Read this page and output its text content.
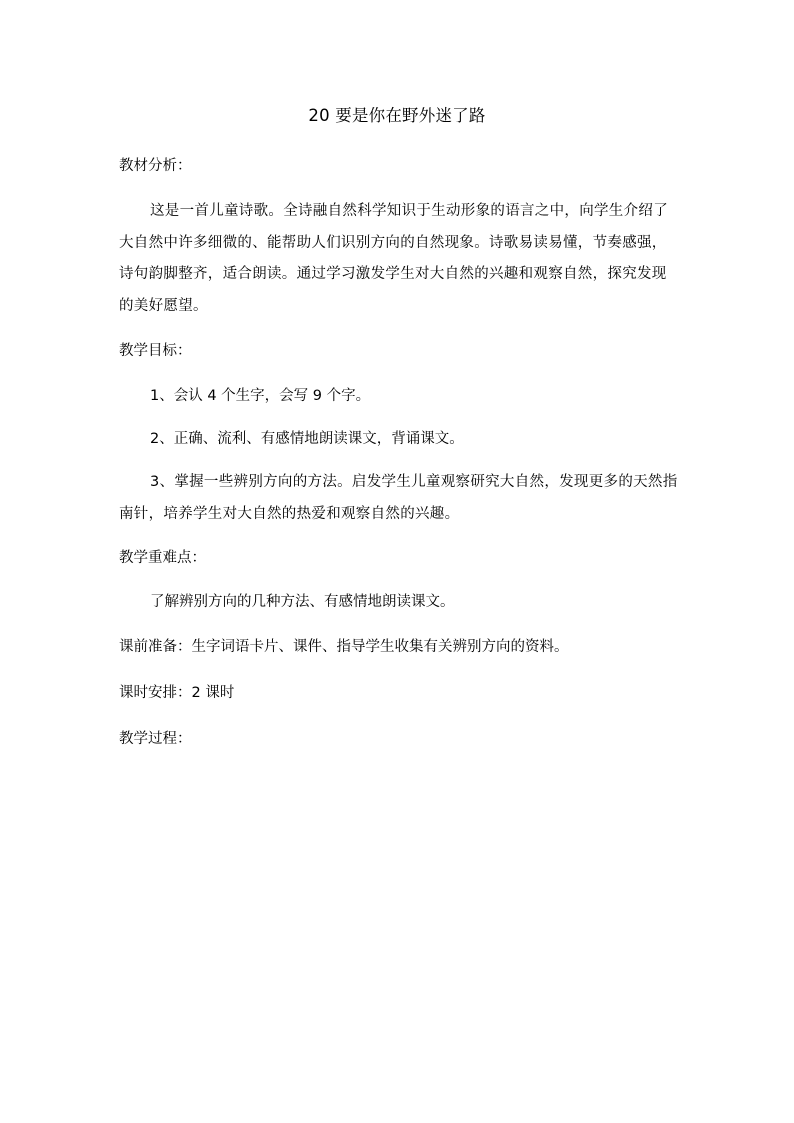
20 要是你在野外迷了路
教材分析：
这是一首儿童诗歌。全诗融自然科学知识于生动形象的语言之中，向学生介绍了大自然中许多细微的、能帮助人们识别方向的自然现象。诗歌易读易懂，节奏感强，诗句韵脚整齐，适合朗读。通过学习激发学生对大自然的兴趣和观察自然，探究发现的美好愿望。
教学目标：
1、会认 4 个生字，会写 9 个字。
2、正确、流利、有感情地朗读课文，背诵课文。
3、掌握一些辨别方向的方法。启发学生儿童观察研究大自然，发现更多的天然指南针，培养学生对大自然的热爱和观察自然的兴趣。
教学重难点：
了解辨别方向的几种方法、有感情地朗读课文。
课前准备：生字词语卡片、课件、指导学生收集有关辨别方向的资料。
课时安排：2 课时
教学过程：
